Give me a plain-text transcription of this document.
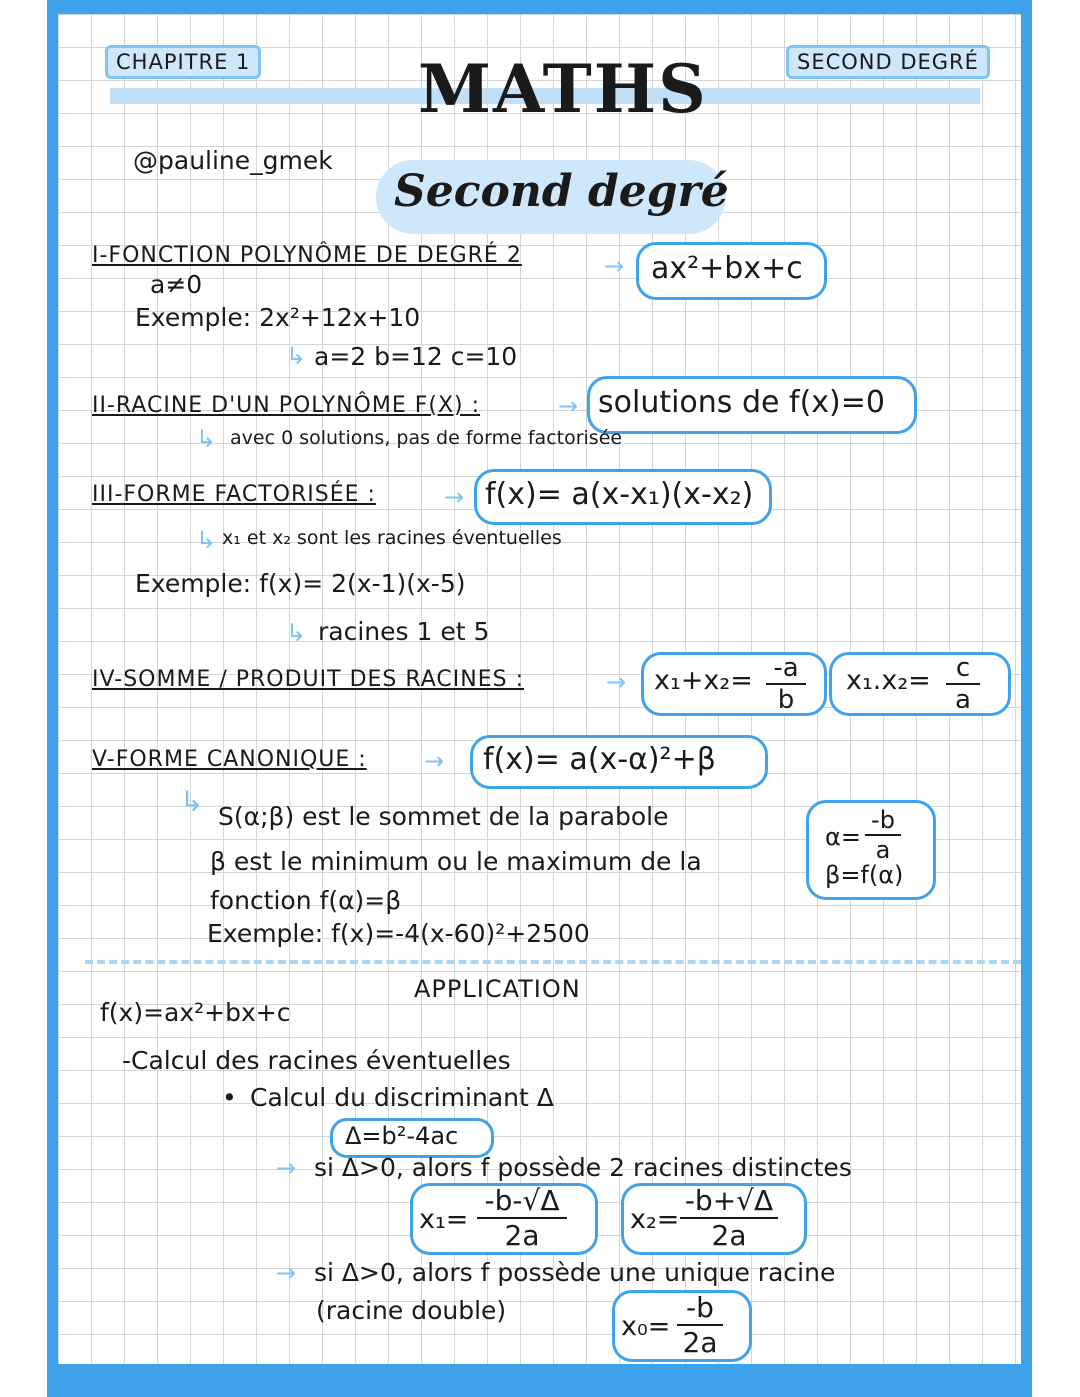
CHAPITRE 1	SECOND DEGRÉ
MATHS
@pauline_gmek
Second degré
I-FONCTION POLYNÔME DE DEGRÉ 2	→ ax²+bx+c
a≠0
Exemple: 2x²+12x+10
↳ a=2 b=12 c=10
II-RACINE D'UN POLYNÔME F(X) :	→ solutions de f(x)=0
↳ avec 0 solutions, pas de forme factorisée
III-FORME FACTORISÉE :	→ f(x)= a(x-x₁)(x-x₂)
↳ x₁ et x₂ sont les racines éventuelles
Exemple: f(x)= 2(x-1)(x-5)
↳ racines 1 et 5
IV-SOMME / PRODUIT DES RACINES :	→ $x_1+x_2= \frac{-a}{b} x_1.x_2= \frac{c}{a}$
V-FORME CANONIQUE : → f(x)= a(x-α)²+β
↳ S(α;β) est le sommet de la parabole
β est le minimum ou le maximum de la
fonction f(α)=β
Exemple: f(x)=-4(x-60)²+2500
$\alpha= \frac{-b}{a}$
β=f(α)
APPLICATION
f(x)=ax²+bx+c
-Calcul des racines éventuelles
• Calcul du discriminant Δ
Δ=b²-4ac
→ si Δ>0, alors f possède 2 racines distinctes
$x_1= \frac{-b-√\Delta}{2a} x_2= \frac{-b+√\Delta}{2a}$
→ si Δ>0, alors f possède une unique racine
(racine double)
$x_0= \frac{-b}{2a}$
